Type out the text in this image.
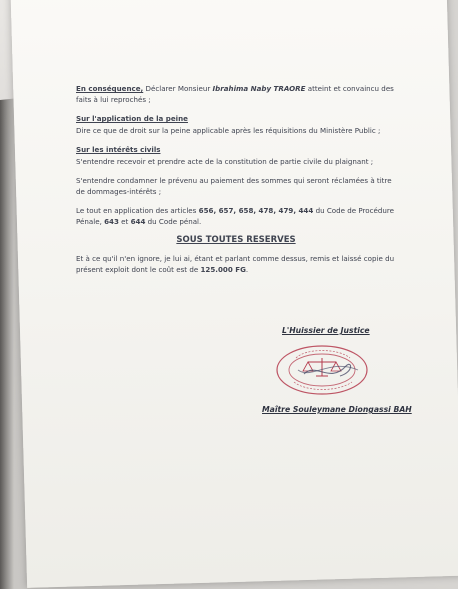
En conséquence, Déclarer Monsieur Ibrahima Naby TRAORE atteint et convaincu des faits à lui reprochés ;
Sur l'application de la peine
Dire ce que de droit sur la peine applicable après les réquisitions du Ministère Public ;
Sur les intérêts civils
S'entendre recevoir et prendre acte de la constitution de partie civile du plaignant ;
S'entendre condamner le prévenu au paiement des sommes qui seront réclamées à titre de dommages-intérêts ;
Le tout en application des articles 656, 657, 658, 478, 479, 444 du Code de Procédure Pénale, 643 et 644 du Code pénal.
SOUS TOUTES RESERVES
Et à ce qu'il n'en ignore, je lui ai, étant et parlant comme dessus, remis et laissé copie du présent exploit dont le coût est de 125.000 FG.
L'Huissier de Justice
Maître Souleymane Diongassi BAH
